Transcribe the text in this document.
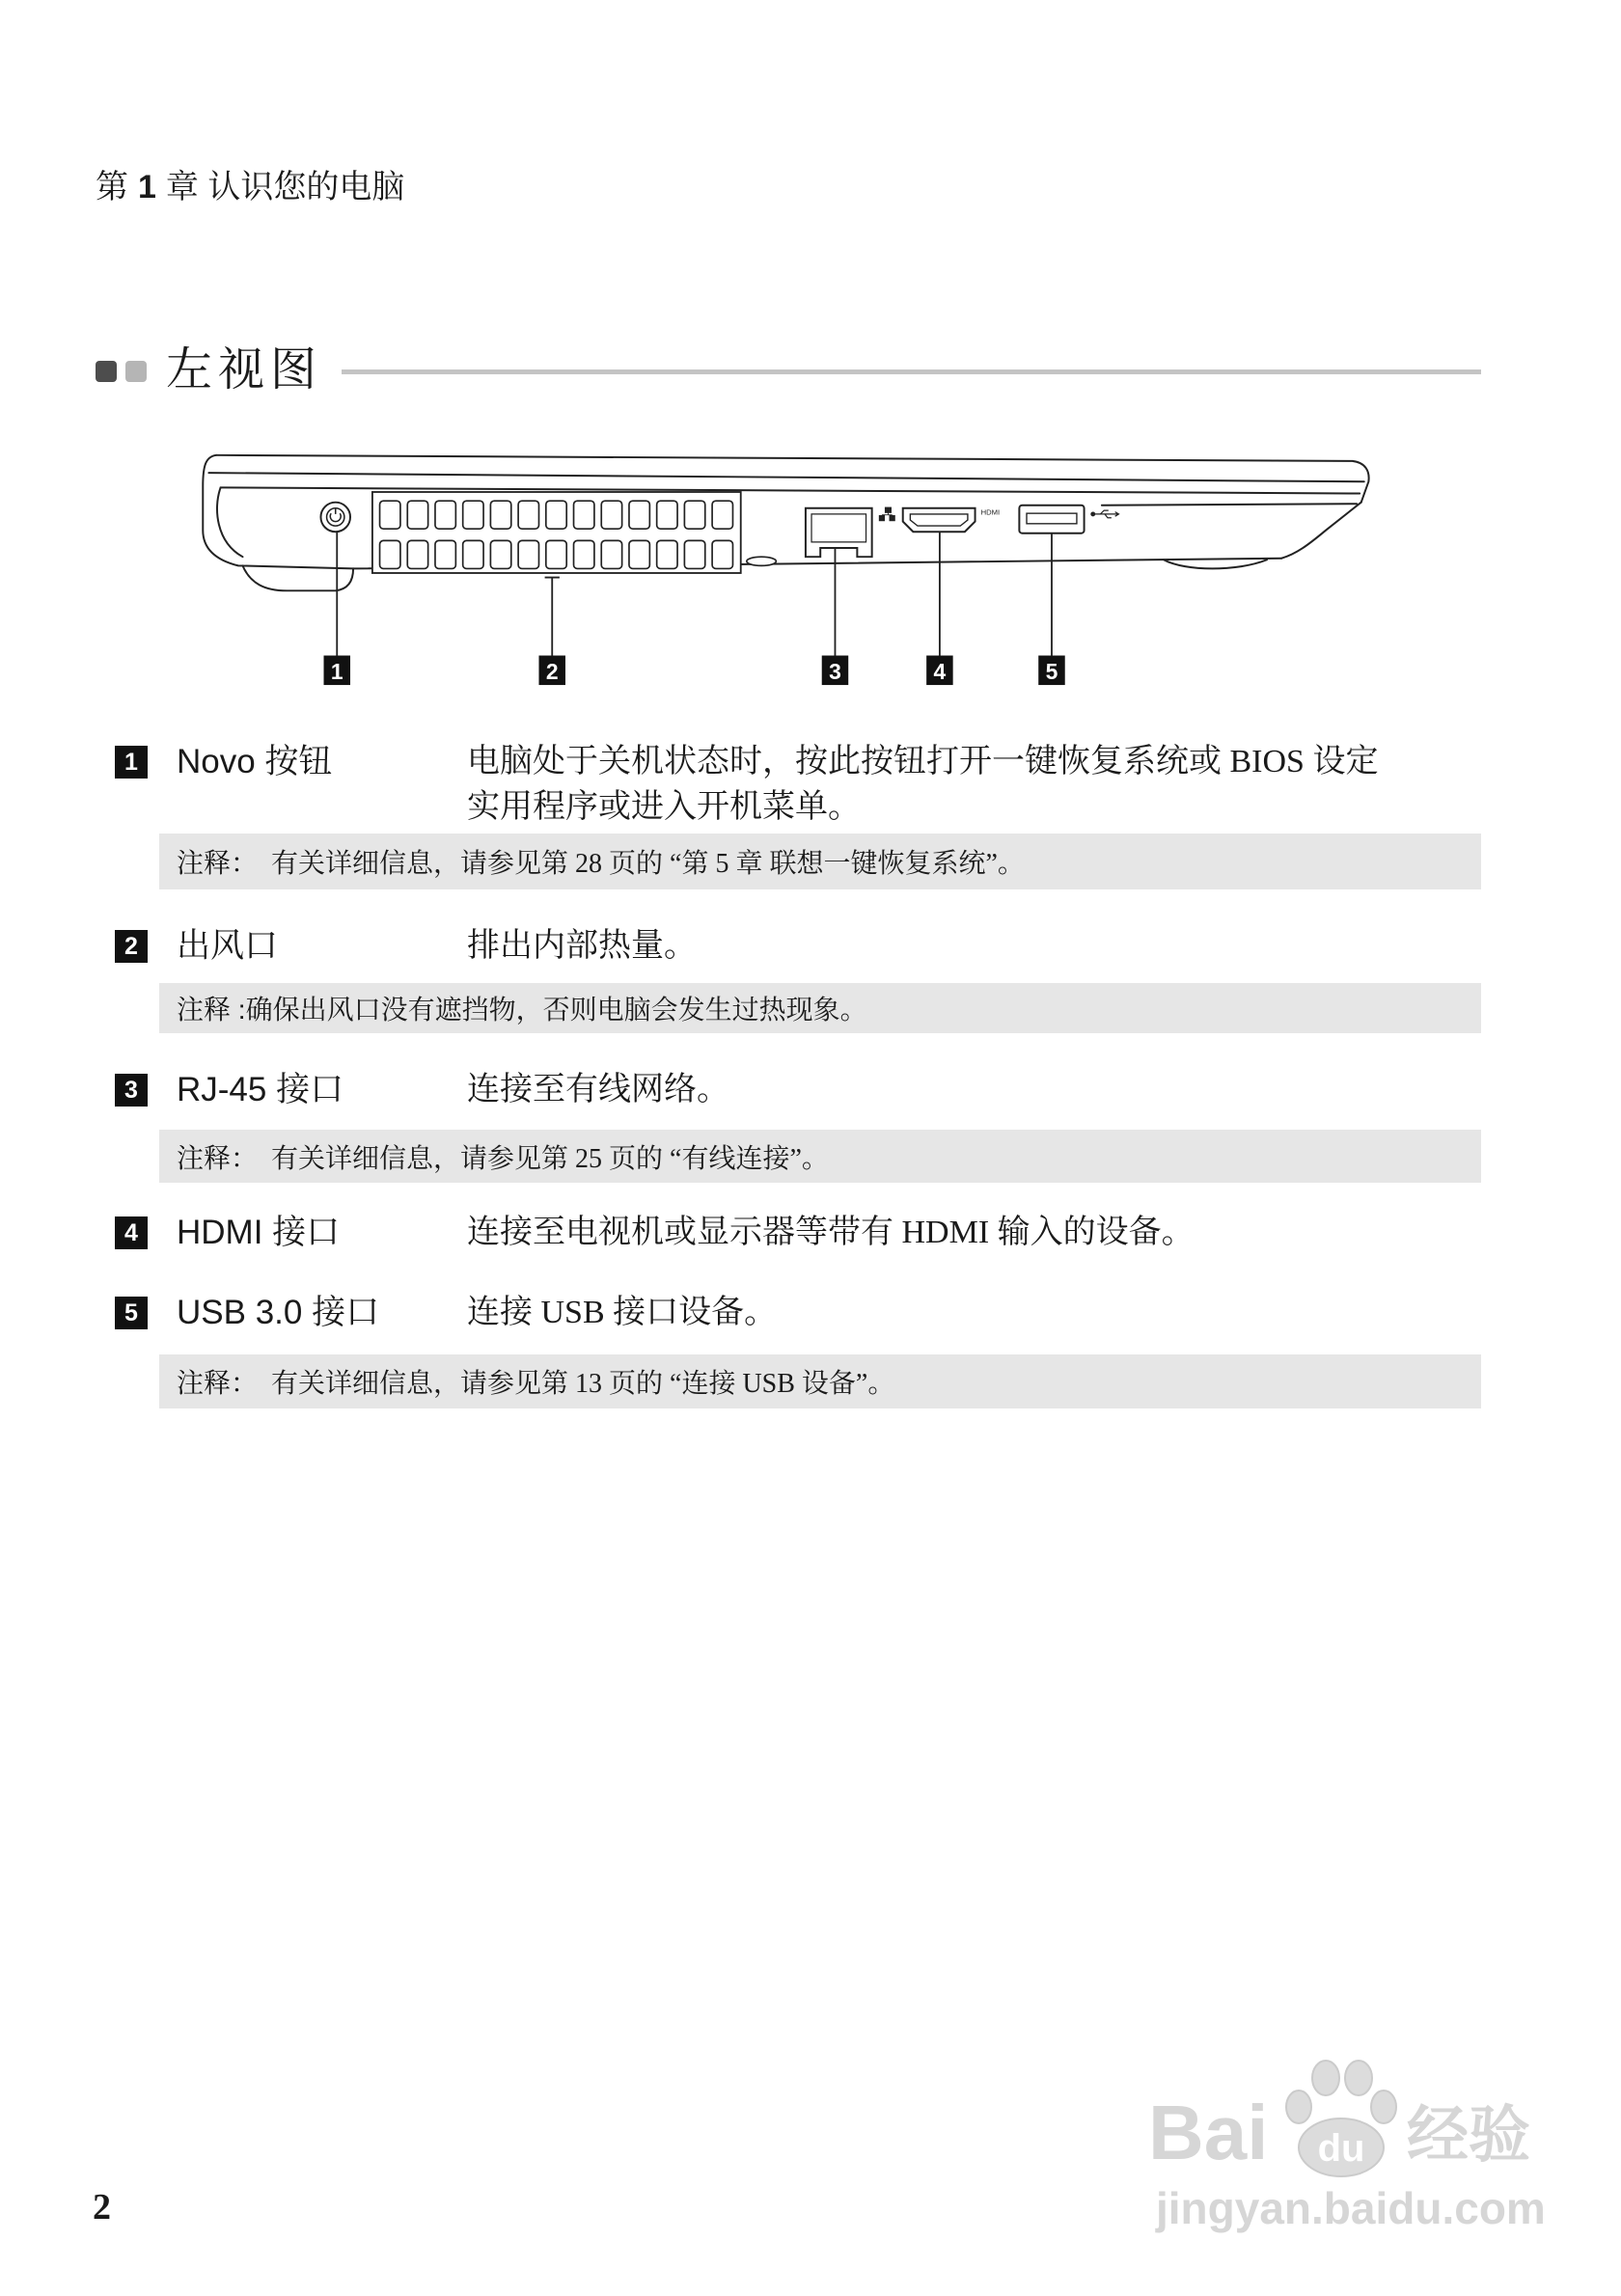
第 1 章 认识您的电脑
左视图
HDMI
1	2	3	4	5
1 Novo 按钮	电脑处于关机状态时，按此按钮打开一键恢复系统或 BIOS 设定
实用程序或进入开机菜单。
注释： 有关详细信息，请参见第 28 页的 “第 5 章 联想一键恢复系统”。
2 出风口	排出内部热量。
注释 : 确保出风口没有遮挡物，否则电脑会发生过热现象。
3 RJ-45 接口	连接至有线网络。
注释： 有关详细信息，请参见第 25 页的 “有线连接”。
4 HDMI 接口	连接至电视机或显示器等带有 HDMI 输入的设备。
5 USB 3.0 接口	连接 USB 接口设备。
注释： 有关详细信息，请参见第 13 页的 “连接 USB 设备”。
2
Bai du 经验
jingyan.baidu.com
